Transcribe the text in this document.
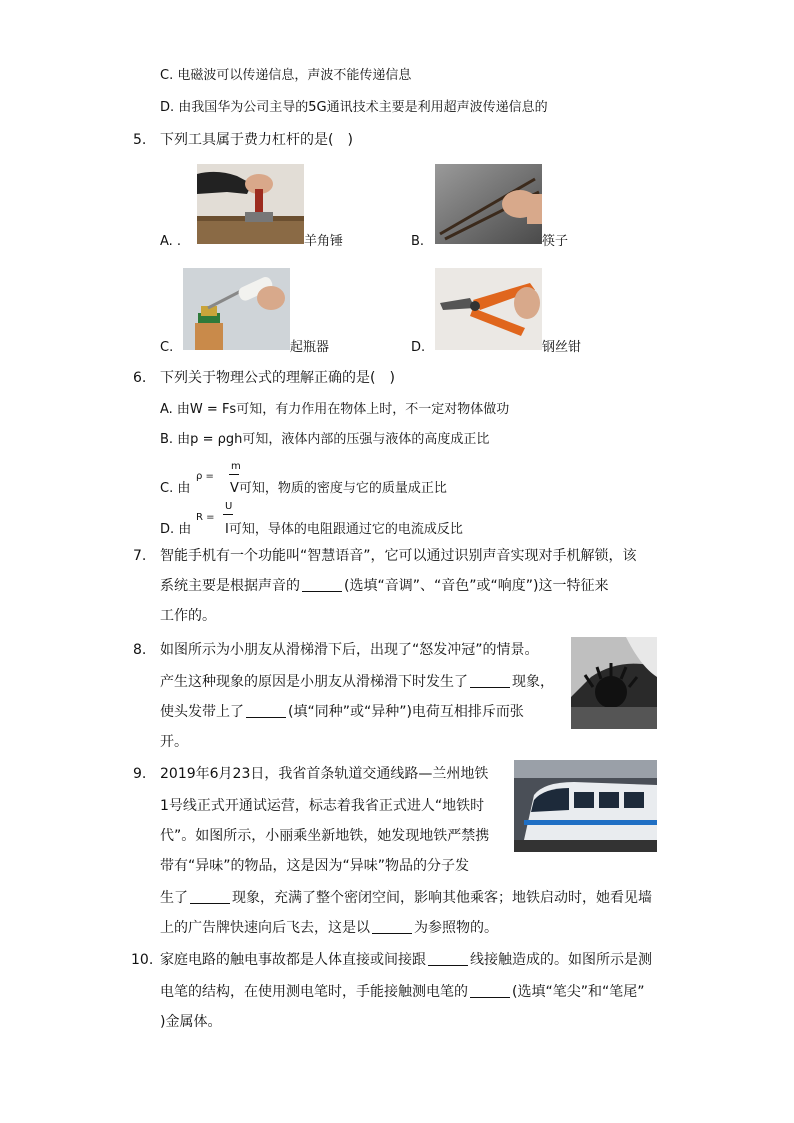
C. 电磁波可以传递信息，声波不能传递信息
D. 由我国华为公司主导的5G通讯技术主要是利用超声波传递信息的
5. 下列工具属于费力杠杆的是(　)
A. .	羊角锤	B.	筷子
C.	起瓶器	D.	钢丝钳
6. 下列关于物理公式的理解正确的是(　)
A. 由W = Fs可知，有力作用在物体上时，不一定对物体做功
B. 由p = ρgh可知，液体内部的压强与液体的高度成正比
C. 由
ρ =
m
V可知，物质的密度与它的质量成正比
D. 由
R =
U
I可知，导体的电阻跟通过它的电流成反比
7. 智能手机有一个功能叫“智慧语音”，它可以通过识别声音实现对手机解锁，该
系统主要是根据声音的	(选填“音调”、“音色”或“响度”)这一特征来
工作的。
8. 如图所示为小朋友从滑梯滑下后，出现了“怒发冲冠”的情景。
产生这种现象的原因是小朋友从滑梯滑下时发生了	现象，
使头发带上了	(填“同种”或“异种”)电荷互相排斥而张
开。
9. 2019年6月23日，我省首条轨道交通线路—兰州地铁
1号线正式开通试运营，标志着我省正式进人“地铁时
代”。如图所示，小丽乘坐新地铁，她发现地铁严禁携
带有“异味”的物品，这是因为“异味”物品的分子发
生了	现象，充满了整个密闭空间，影响其他乘客；地铁启动时，她看见墙
上的广告牌快速向后飞去，这是以	为参照物的。
10. 家庭电路的触电事故都是人体直接或间接跟	线接触造成的。如图所示是测
电笔的结构，在使用测电笔时，手能接触测电笔的	(选填“笔尖”和“笔尾”
)金属体。
